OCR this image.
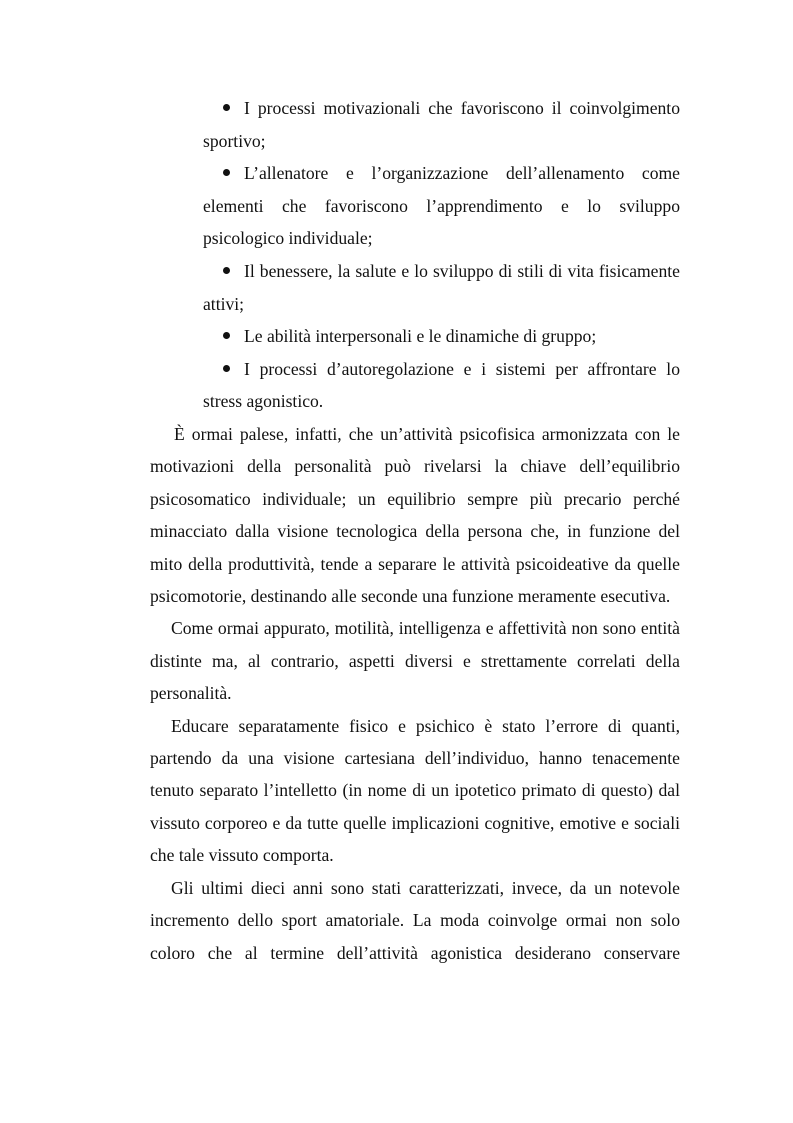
I processi motivazionali che favoriscono il coinvolgimento sportivo;
L’allenatore e l’organizzazione dell’allenamento come elementi che favoriscono l’apprendimento e lo sviluppo psicologico individuale;
Il benessere, la salute e lo sviluppo di stili di vita fisicamente attivi;
Le abilità interpersonali e le dinamiche di gruppo;
I processi d’autoregolazione e i sistemi per affrontare lo stress agonistico.

È ormai palese, infatti, che un’attività psicofisica armonizzata con le motivazioni della personalità può rivelarsi la chiave dell’equilibrio psicosomatico individuale; un equilibrio sempre più precario perché minacciato dalla visione tecnologica della persona che, in funzione del mito della produttività, tende a separare le attività psicoideative da quelle psicomotorie, destinando alle seconde una funzione meramente esecutiva.

Come ormai appurato, motilità, intelligenza e affettività non sono entità distinte ma, al contrario, aspetti diversi e strettamente correlati della personalità.

Educare separatamente fisico e psichico è stato l’errore di quanti, partendo da una visione cartesiana dell’individuo, hanno tenacemente tenuto separato l’intelletto (in nome di un ipotetico primato di questo) dal vissuto corporeo e da tutte quelle implicazioni cognitive, emotive e sociali che tale vissuto comporta.

Gli ultimi dieci anni sono stati caratterizzati, invece, da un notevole incremento dello sport amatoriale. La moda coinvolge ormai non solo coloro che al termine dell’attività agonistica desiderano conservare
